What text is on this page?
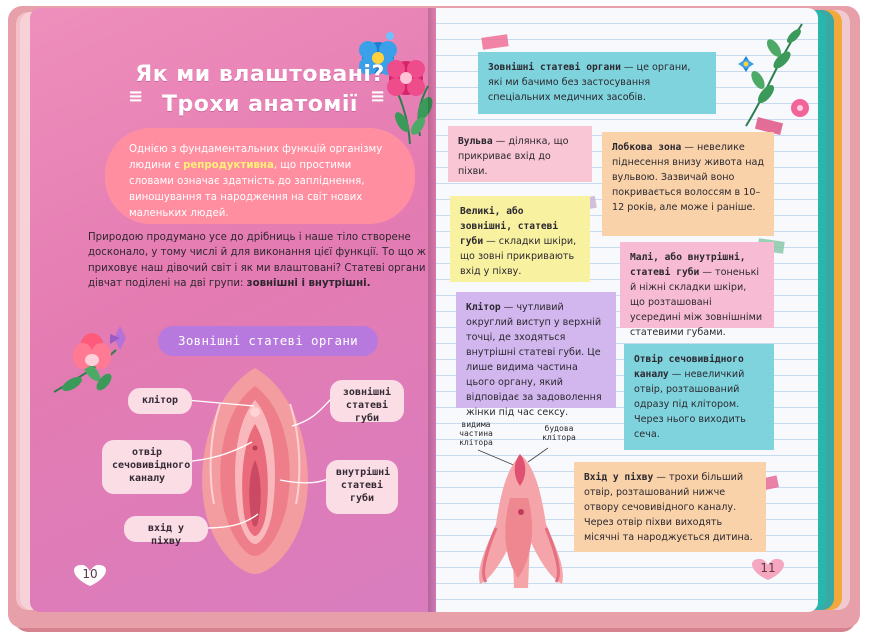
≡
Як ми влаштовані?
Трохи анатомії ≡
Однією з фундаментальних функцій організму людини є репродуктивна, що простими словами означає здатність до запліднення, виношування та народження на світ нових маленьких людей.
Природою продумано усе до дрібниць і наше тіло створене досконало, у тому числі й для виконання цієї функції. То що ж приховує наш дівочий світ і як ми влаштовані? Статеві органи дівчат поділені на дві групи: зовнішні і внутрішні.
Зовнішні статеві органи
клітор
зовнішні статеві губи
отвір сечовивідного каналу
внутрішні статеві губи
вхід у піхву
10
Зовнішні статеві органи — це органи, які ми бачимо без застосування спеціальних медичних засобів.
Вульва — ділянка, що прикриває вхід до піхви.
Лобкова зона — невелике піднесення внизу живота над вульвою. Зазвичай воно покривається волоссям в 10–12 років, але може і раніше.
Великі, або зовнішні, статеві губи — складки шкіри, що зовні прикривають вхід у піхву.
Малі, або внутрішні, статеві губи — тоненькі й ніжні складки шкіри, що розташовані усередині між зовнішніми статевими губами.
Клітор — чутливий округлий виступ у верхній точці, де зходяться внутрішні статеві губи. Це лише видима частина цього органу, який відповідає за задоволення жінки під час сексу.
Отвір сечовивідного каналу — невеличкий отвір, розташований одразу під клітором. Через нього виходить сеча.
видима частина клітора
будова клітора
Вхід у піхву — трохи більший отвір, розташований нижче отвору сечовивідного каналу. Через отвір піхви виходять місячні та народжується дитина.
11
